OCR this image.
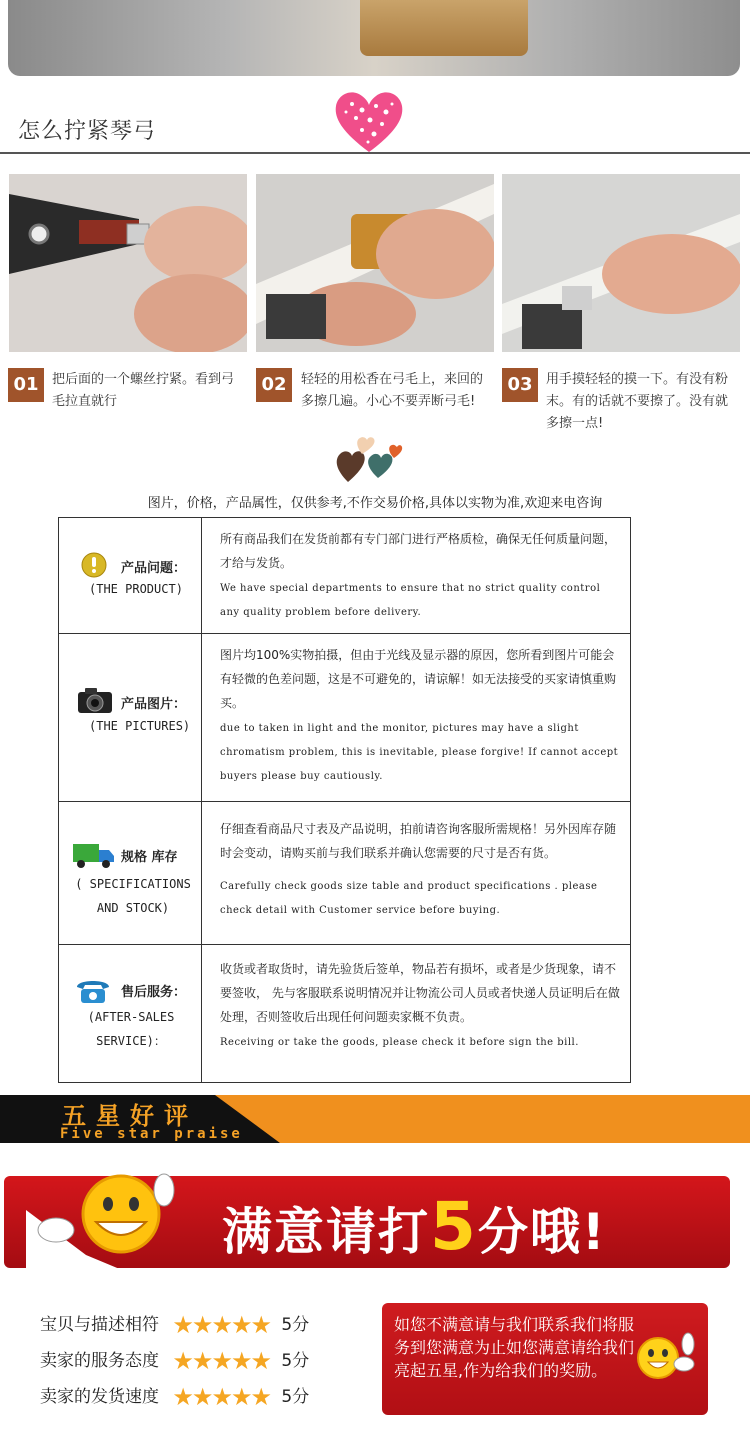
怎么拧紧琴弓
01	把后面的一个螺丝拧紧。看到弓毛拉直就行
02	轻轻的用松香在弓毛上，来回的多擦几遍。小心不要弄断弓毛!
03	用手摸轻轻的摸一下。有没有粉末。有的话就不要擦了。没有就多擦一点!
图片，价格，产品属性，仅供参考,不作交易价格,具体以实物为准,欢迎来电咨询
产品问题：
(THE PRODUCT)
所有商品我们在发货前都有专门部门进行严格质检，确保无任何质量问题，才给与发货。
We have special departments to ensure that no strict quality control any quality problem before delivery.
产品图片：
(THE PICTURES)
图片均100%实物拍摄，但由于光线及显示器的原因，您所看到图片可能会有轻微的色差问题，这是不可避免的，请谅解！如无法接受的买家请慎重购买。
due to taken in light and the monitor, pictures may have a slight chromatism problem, this is inevitable, please forgive! If cannot accept buyers please buy cautiously.
规格 库存
( SPECIFICATIONS AND STOCK)
仔细查看商品尺寸表及产品说明，拍前请咨询客服所需规格！另外因库存随时会变动，请购买前与我们联系并确认您需要的尺寸是否有货。
Carefully check goods size table and product specifications . please check detail with Customer service before buying.
售后服务：
(AFTER-SALES SERVICE)：
收货或者取货时，请先验货后签单，物品若有损坏，或者是少货现象，请不要签收， 先与客服联系说明情况并让物流公司人员或者快递人员证明后在做处理，否则签收后出现任何问题卖家概不负责。
Receiving or take the goods, please check it before sign the bill.
五星好评
Five star praise
满意请打5分哦!
宝贝与描述相符 ★★★★★ 5分
卖家的服务态度 ★★★★★ 5分
卖家的发货速度 ★★★★★ 5分
如您不满意请与我们联系我们将服务到您满意为止如您满意请给我们亮起五星,作为给我们的奖励。
